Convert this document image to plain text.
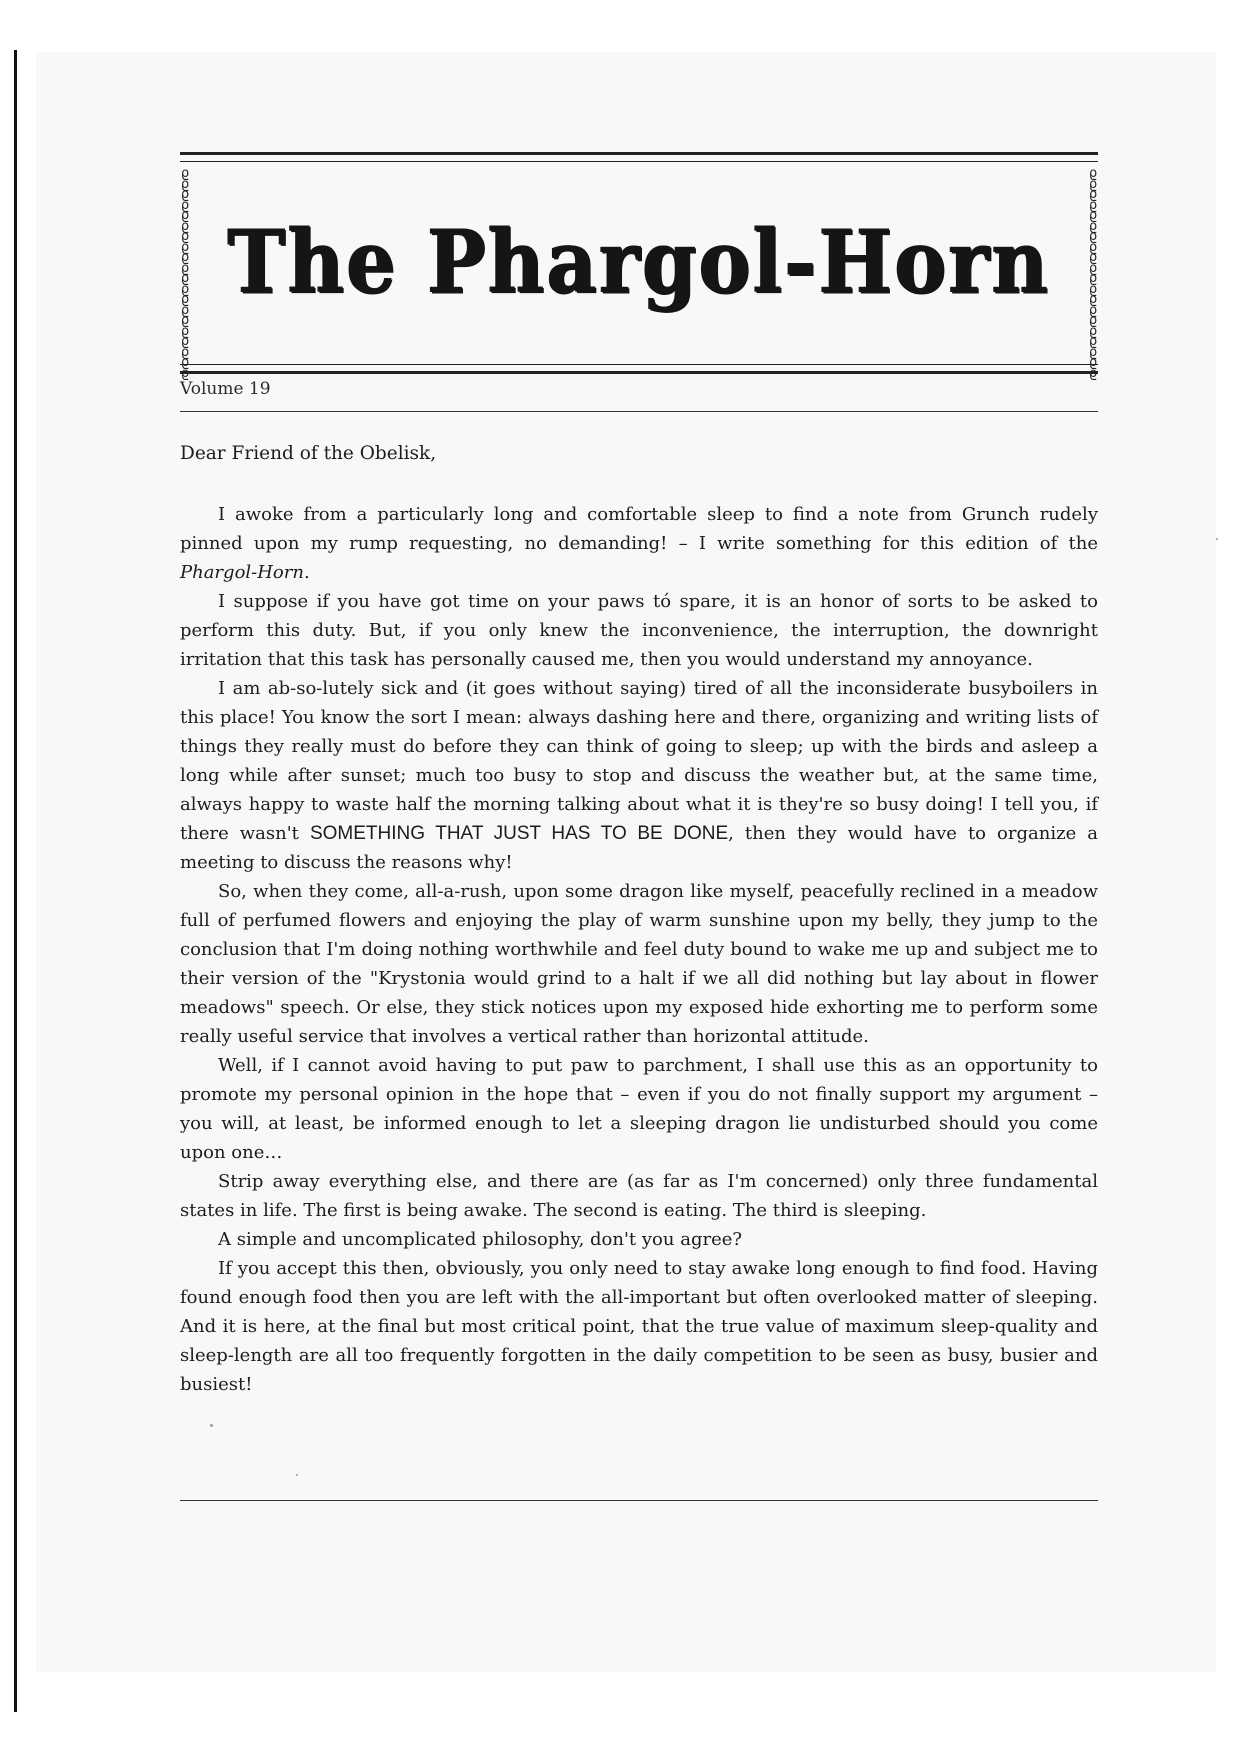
ϱϱϱϱϱϱϱϱϱϱϱϱϱϱϱϱϱϱϱϱ
ϱϱϱϱϱϱϱϱϱϱϱϱϱϱϱϱϱϱϱϱ
The Phargol-Horn
Volume 19
Dear Friend of the Obelisk,

I awoke from a particularly long and comfortable sleep to find a note from Grunch rudely pinned upon my rump requesting, no demanding! – I write something for this edition of the Phargol-Horn.

I suppose if you have got time on your paws tó spare, it is an honor of sorts to be asked to perform this duty. But, if you only knew the inconvenience, the interruption, the downright irritation that this task has personally caused me, then you would understand my annoyance.

I am ab-so-lutely sick and (it goes without saying) tired of all the inconsiderate busyboilers in this place! You know the sort I mean: always dashing here and there, organizing and writing lists of things they really must do before they can think of going to sleep; up with the birds and asleep a long while after sunset; much too busy to stop and discuss the weather but, at the same time, always happy to waste half the morning talking about what it is they're so busy doing! I tell you, if there wasn't SOMETHING THAT JUST HAS TO BE DONE, then they would have to organize a meeting to discuss the reasons why!

So, when they come, all-a-rush, upon some dragon like myself, peacefully reclined in a meadow full of perfumed flowers and enjoying the play of warm sunshine upon my belly, they jump to the conclusion that I'm doing nothing worthwhile and feel duty bound to wake me up and subject me to their version of the "Krystonia would grind to a halt if we all did nothing but lay about in flower meadows" speech. Or else, they stick notices upon my exposed hide exhorting me to perform some really useful service that involves a vertical rather than horizontal attitude.

Well, if I cannot avoid having to put paw to parchment, I shall use this as an opportunity to promote my personal opinion in the hope that – even if you do not finally support my argument – you will, at least, be informed enough to let a sleeping dragon lie undisturbed should you come upon one…

Strip away everything else, and there are (as far as I'm concerned) only three fundamental states in life. The first is being awake. The second is eating. The third is sleeping.

A simple and uncomplicated philosophy, don't you agree?

If you accept this then, obviously, you only need to stay awake long enough to find food. Having found enough food then you are left with the all-important but often overlooked matter of sleeping. And it is here, at the final but most critical point, that the true value of maximum sleep-quality and sleep-length are all too frequently forgotten in the daily competition to be seen as busy, busier and busiest!
